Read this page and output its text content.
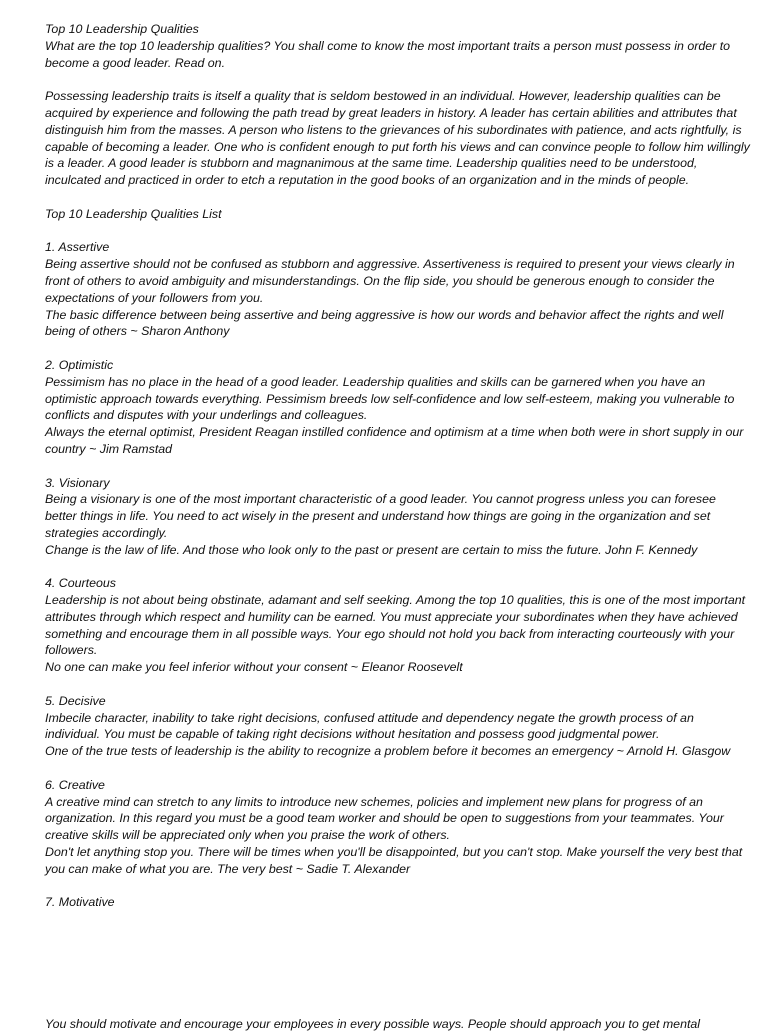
Top 10 Leadership Qualities
What are the top 10 leadership qualities? You shall come to know the most important traits a person must possess in order to become a good leader. Read on.
Possessing leadership traits is itself a quality that is seldom bestowed in an individual. However, leadership qualities can be acquired by experience and following the path tread by great leaders in history. A leader has certain abilities and attributes that distinguish him from the masses. A person who listens to the grievances of his subordinates with patience, and acts rightfully, is capable of becoming a leader. One who is confident enough to put forth his views and can convince people to follow him willingly is a leader. A good leader is stubborn and magnanimous at the same time. Leadership qualities need to be understood, inculcated and practiced in order to etch a reputation in the good books of an organization and in the minds of people.
Top 10 Leadership Qualities List
1. Assertive
Being assertive should not be confused as stubborn and aggressive. Assertiveness is required to present your views clearly in front of others to avoid ambiguity and misunderstandings. On the flip side, you should be generous enough to consider the expectations of your followers from you.
The basic difference between being assertive and being aggressive is how our words and behavior affect the rights and well being of others ~ Sharon Anthony
2. Optimistic
Pessimism has no place in the head of a good leader. Leadership qualities and skills can be garnered when you have an optimistic approach towards everything. Pessimism breeds low self-confidence and low self-esteem, making you vulnerable to conflicts and disputes with your underlings and colleagues.
Always the eternal optimist, President Reagan instilled confidence and optimism at a time when both were in short supply in our country ~ Jim Ramstad
3. Visionary
Being a visionary is one of the most important characteristic of a good leader. You cannot progress unless you can foresee better things in life. You need to act wisely in the present and understand how things are going in the organization and set strategies accordingly.
Change is the law of life. And those who look only to the past or present are certain to miss the future. John F. Kennedy
4. Courteous
Leadership is not about being obstinate, adamant and self seeking. Among the top 10 qualities, this is one of the most important attributes through which respect and humility can be earned. You must appreciate your subordinates when they have achieved something and encourage them in all possible ways. Your ego should not hold you back from interacting courteously with your followers.
No one can make you feel inferior without your consent ~ Eleanor Roosevelt
5. Decisive
Imbecile character, inability to take right decisions, confused attitude and dependency negate the growth process of an individual. You must be capable of taking right decisions without hesitation and possess good judgmental power.
One of the true tests of leadership is the ability to recognize a problem before it becomes an emergency ~ Arnold H. Glasgow
6. Creative
A creative mind can stretch to any limits to introduce new schemes, policies and implement new plans for progress of an organization. In this regard you must be a good team worker and should be open to suggestions from your teammates. Your creative skills will be appreciated only when you praise the work of others.
Don't let anything stop you. There will be times when you'll be disappointed, but you can't stop. Make yourself the very best that you can make of what you are. The very best ~ Sadie T. Alexander
7. Motivative
You should motivate and encourage your employees in every possible ways. People should approach you to get mental
